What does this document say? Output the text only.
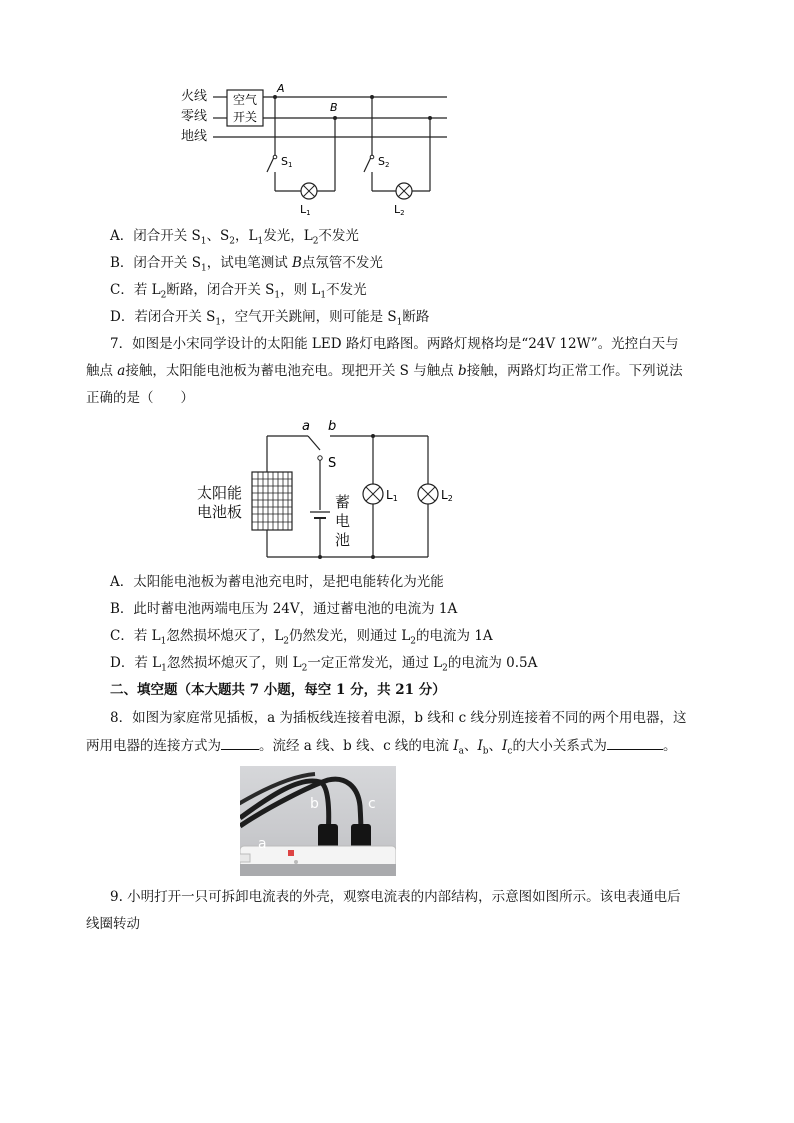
空气
开关
A
B
S1	S2
L1	L2
火线
零线
地线
A．闭合开关 $S_1$、$S_2$，$L_1$发光，$L_2$不发光
B．闭合开关 $S_1$，试电笔测试 B点氖管不发光
C．若 $L_2$断路，闭合开关 $S_1$，则 $L_1$不发光
D．若闭合开关 $S_1$，空气开关跳闸，则可能是 $S_1$断路
7．如图是小宋同学设计的太阳能 LED 路灯电路图。两路灯规格均是“24V 12W”。光控白天与
触点 a接触，太阳能电池板为蓄电池充电。现把开关 S 与触点 b接触，两路灯均正常工作。下列说法
正确的是（　　）
a b
S
L1	L2
太阳能
电池板
蓄
电
池
A．太阳能电池板为蓄电池充电时，是把电能转化为光能
B．此时蓄电池两端电压为 24V，通过蓄电池的电流为 1A
C．若 $L_1$忽然损坏熄灭了，$L_2$仍然发光，则通过 $L_2$的电流为 1A
D．若 $L_1$忽然损坏熄灭了，则 $L_2$一定正常发光，通过 $L_2$的电流为 0.5A
二、填空题（本大题共 7 小题，每空 1 分，共 21 分）
8．如图为家庭常见插板，a 为插板线连接着电源，b 线和 c 线分别连接着不同的两个用电器，这
两用电器的连接方式为	。流经 a 线、b 线、c 线的电流 $I_a$、$I_b$、$I_c$的大小关系式为	。
a
b	c
9. 小明打开一只可拆卸电流表的外壳，观察电流表的内部结构，示意图如图所示。该电表通电后
线圈转动
